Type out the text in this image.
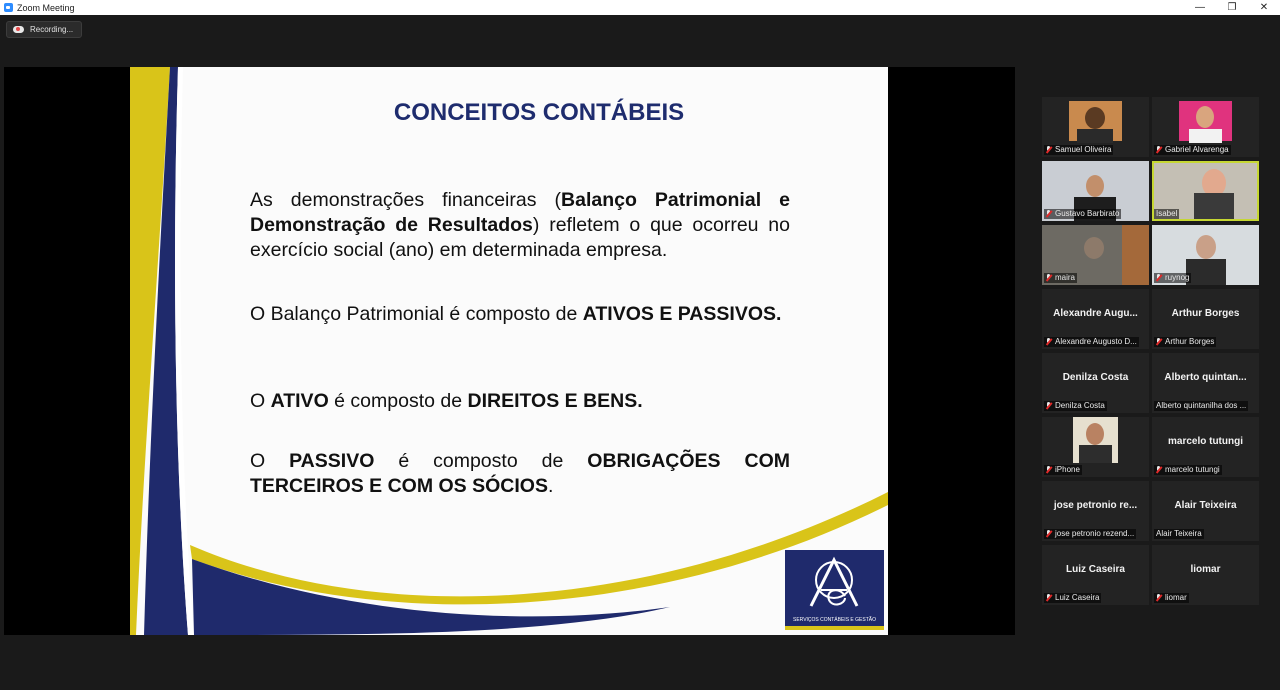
Zoom Meeting	—	❐	✕
Recording...
CONCEITOS CONTÁBEIS

As demonstrações financeiras (Balanço Patrimonial e Demonstração de Resultados) refletem o que ocorreu no exercício social (ano) em determinada empresa.

O Balanço Patrimonial é composto de ATIVOS E PASSIVOS.

O ATIVO é composto de DIREITOS E BENS.

O PASSIVO é composto de OBRIGAÇÕES COM TERCEIROS E COM OS SÓCIOS.

SERVIÇOS CONTÁBEIS E GESTÃO
Samuel Oliveira	Gabriel Alvarenga
Gustavo Barbirato	Isabel
maira	ruynog
Alexandre Augu...
Alexandre Augusto D...
Arthur Borges
Arthur Borges
Denilza Costa
Denilza Costa
Alberto quintan...
Alberto quintanilha dos ...
iPhone
marcelo tutungi
marcelo tutungi
jose petronio re...
jose petronio rezend...
Alair Teixeira
Alair Teixeira
Luiz Caseira
Luiz Caseira
liomar
liomar
